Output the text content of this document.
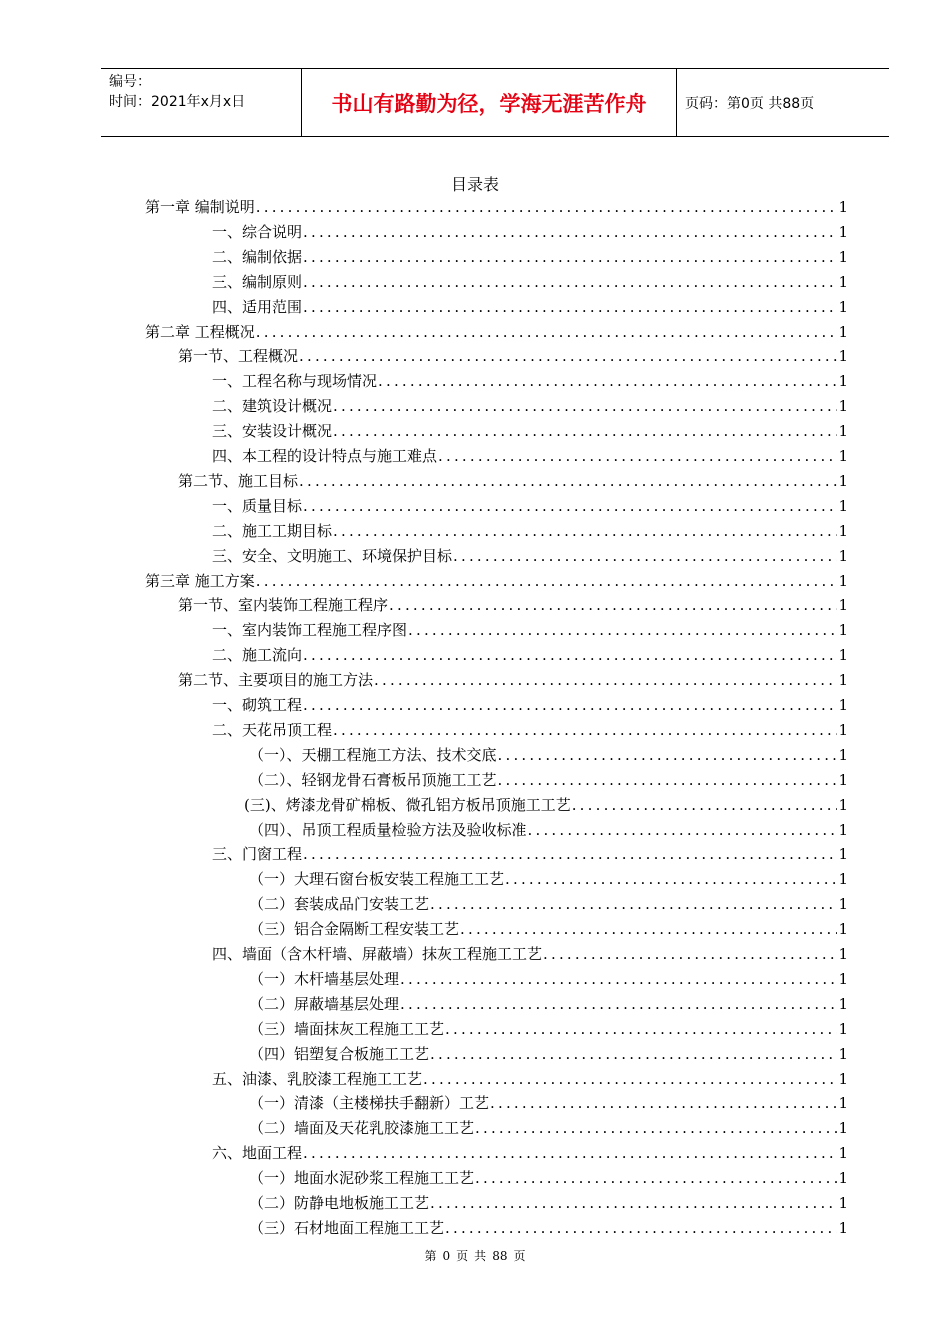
编号：
时间：2021年x月x日	书山有路勤为径，学海无涯苦作舟	页码：第0页 共88页
目录表
第一章 编制说明 .....	1
一、综合说明 .....	1
二、编制依据 .....	1
三、编制原则 .....	1
四、适用范围 .....	1
第二章 工程概况 .....	1
第一节、工程概况 .....	1
一、工程名称与现场情况 .....	1
二、建筑设计概况 .....	1
三、安装设计概况 .....	1
四、本工程的设计特点与施工难点 .....	1
第二节、施工目标 .....	1
一、质量目标 .....	1
二、施工工期目标 .....	1
三、安全、文明施工、环境保护目标 .....	1
第三章 施工方案 .....	1
第一节、室内装饰工程施工程序 .....	1
一、室内装饰工程施工程序图 .....	1
二、施工流向 .....	1
第二节、主要项目的施工方法 .....	1
一、砌筑工程 .....	1
二、天花吊顶工程 .....	1
（一）、天棚工程施工方法、技术交底 .....	1
（二）、轻钢龙骨石膏板吊顶施工工艺 .....	1
(三)、烤漆龙骨矿棉板、微孔铝方板吊顶施工工艺 .....	1
（四）、吊顶工程质量检验方法及验收标准 .....	1
三、门窗工程 .....	1
（一）大理石窗台板安装工程施工工艺 .....	1
（二）套装成品门安装工艺 .....	1
（三）铝合金隔断工程安装工艺 .....	1
四、墙面（含木杆墙、屏蔽墙）抹灰工程施工工艺 .....	1
（一）木杆墙基层处理 .....	1
（二）屏蔽墙基层处理 .....	1
（三）墙面抹灰工程施工工艺 .....	1
（四）铝塑复合板施工工艺 .....	1
五、油漆、乳胶漆工程施工工艺 .....	1
（一）清漆（主楼梯扶手翻新）工艺 .....	1
（二）墙面及天花乳胶漆施工工艺 .....	1
六、地面工程 .....	1
（一）地面水泥砂浆工程施工工艺 .....	1
（二）防静电地板施工工艺 .....	1
（三）石材地面工程施工工艺 .....	1
第 0 页 共 88 页
